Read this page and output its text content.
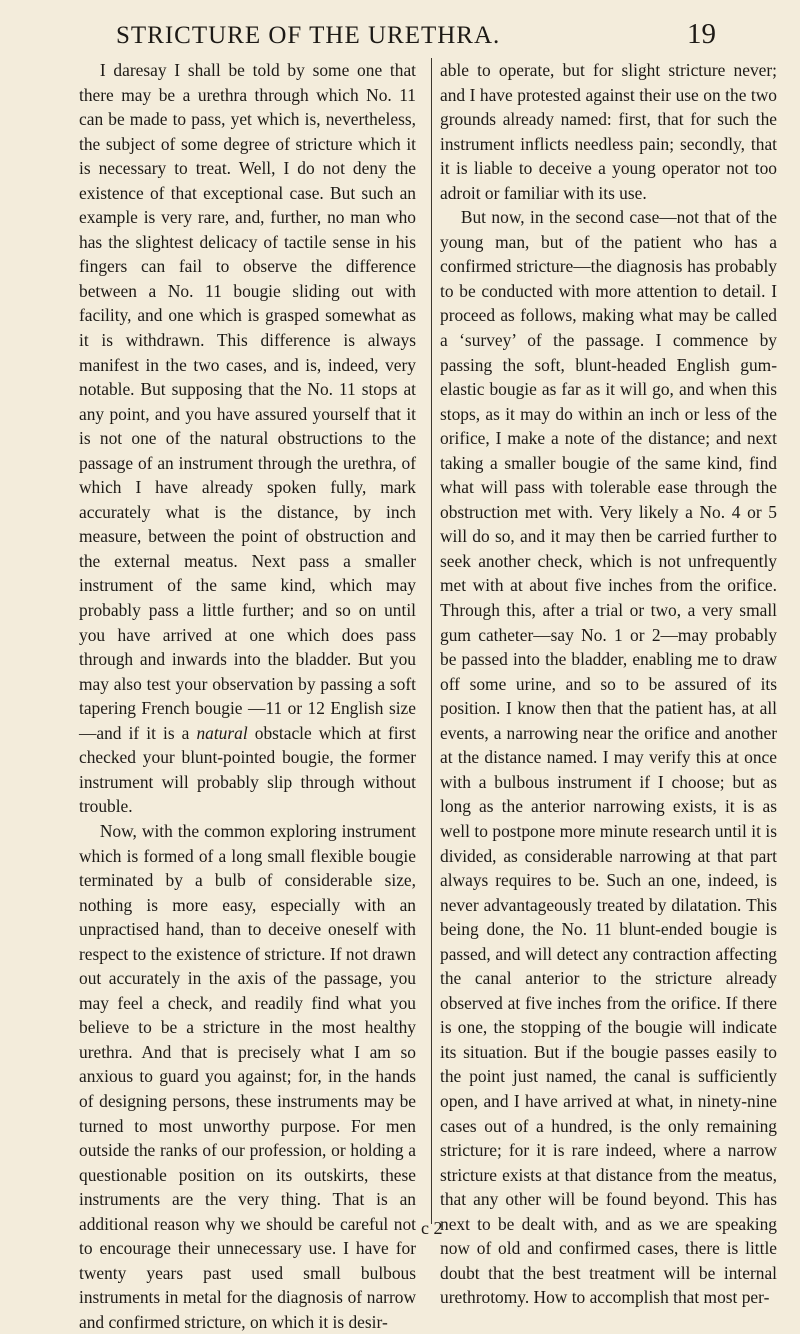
STRICTURE OF THE URETHRA.	19

I daresay I shall be told by some one that there may be a urethra through which No. 11 can be made to pass, yet which is, nevertheless, the subject of some degree of stricture which it is necessary to treat. Well, I do not deny the existence of that exceptional case. But such an example is very rare, and, further, no man who has the slightest delicacy of tactile sense in his fingers can fail to observe the difference between a No. 11 bougie sliding out with facility, and one which is grasped somewhat as it is withdrawn. This difference is always manifest in the two cases, and is, indeed, very notable. But supposing that the No. 11 stops at any point, and you have assured yourself that it is not one of the natural obstructions to the passage of an instrument through the urethra, of which I have already spoken fully, mark accurately what is the distance, by inch measure, between the point of obstruction and the external meatus. Next pass a smaller instrument of the same kind, which may probably pass a little further; and so on until you have arrived at one which does pass through and inwards into the bladder. But you may also test your observation by passing a soft tapering French bougie —11 or 12 English size—and if it is a natural obstacle which at first checked your blunt-pointed bougie, the former instrument will probably slip through without trouble.

Now, with the common exploring instrument which is formed of a long small flexible bougie terminated by a bulb of considerable size, nothing is more easy, especially with an unpractised hand, than to deceive oneself with respect to the existence of stricture. If not drawn out accurately in the axis of the passage, you may feel a check, and readily find what you believe to be a stricture in the most healthy urethra. And that is precisely what I am so anxious to guard you against; for, in the hands of designing persons, these instruments may be turned to most unworthy purpose. For men outside the ranks of our profession, or holding a questionable position on its outskirts, these instruments are the very thing. That is an additional reason why we should be careful not to encourage their unnecessary use. I have for twenty years past used small bulbous instruments in metal for the diagnosis of narrow and confirmed stricture, on which it is desir-

able to operate, but for slight stricture never; and I have protested against their use on the two grounds already named: first, that for such the instrument inflicts needless pain; secondly, that it is liable to deceive a young operator not too adroit or familiar with its use.

But now, in the second case—not that of the young man, but of the patient who has a confirmed stricture—the diagnosis has probably to be conducted with more attention to detail. I proceed as follows, making what may be called a ‘survey’ of the passage. I commence by passing the soft, blunt-headed English gum-elastic bougie as far as it will go, and when this stops, as it may do within an inch or less of the orifice, I make a note of the distance; and next taking a smaller bougie of the same kind, find what will pass with tolerable ease through the obstruction met with. Very likely a No. 4 or 5 will do so, and it may then be carried further to seek another check, which is not unfrequently met with at about five inches from the orifice. Through this, after a trial or two, a very small gum catheter—say No. 1 or 2—may probably be passed into the bladder, enabling me to draw off some urine, and so to be assured of its position. I know then that the patient has, at all events, a narrowing near the orifice and another at the distance named. I may verify this at once with a bulbous instrument if I choose; but as long as the anterior narrowing exists, it is as well to postpone more minute research until it is divided, as considerable narrowing at that part always requires to be. Such an one, indeed, is never advantageously treated by dilatation. This being done, the No. 11 blunt-ended bougie is passed, and will detect any contraction affecting the canal anterior to the stricture already observed at five inches from the orifice. If there is one, the stopping of the bougie will indicate its situation. But if the bougie passes easily to the point just named, the canal is sufficiently open, and I have arrived at what, in ninety-nine cases out of a hundred, is the only remaining stricture; for it is rare indeed, where a narrow stricture exists at that distance from the meatus, that any other will be found beyond. This has next to be dealt with, and as we are speaking now of old and confirmed cases, there is little doubt that the best treatment will be internal urethrotomy. How to accomplish that most per-

c 2
